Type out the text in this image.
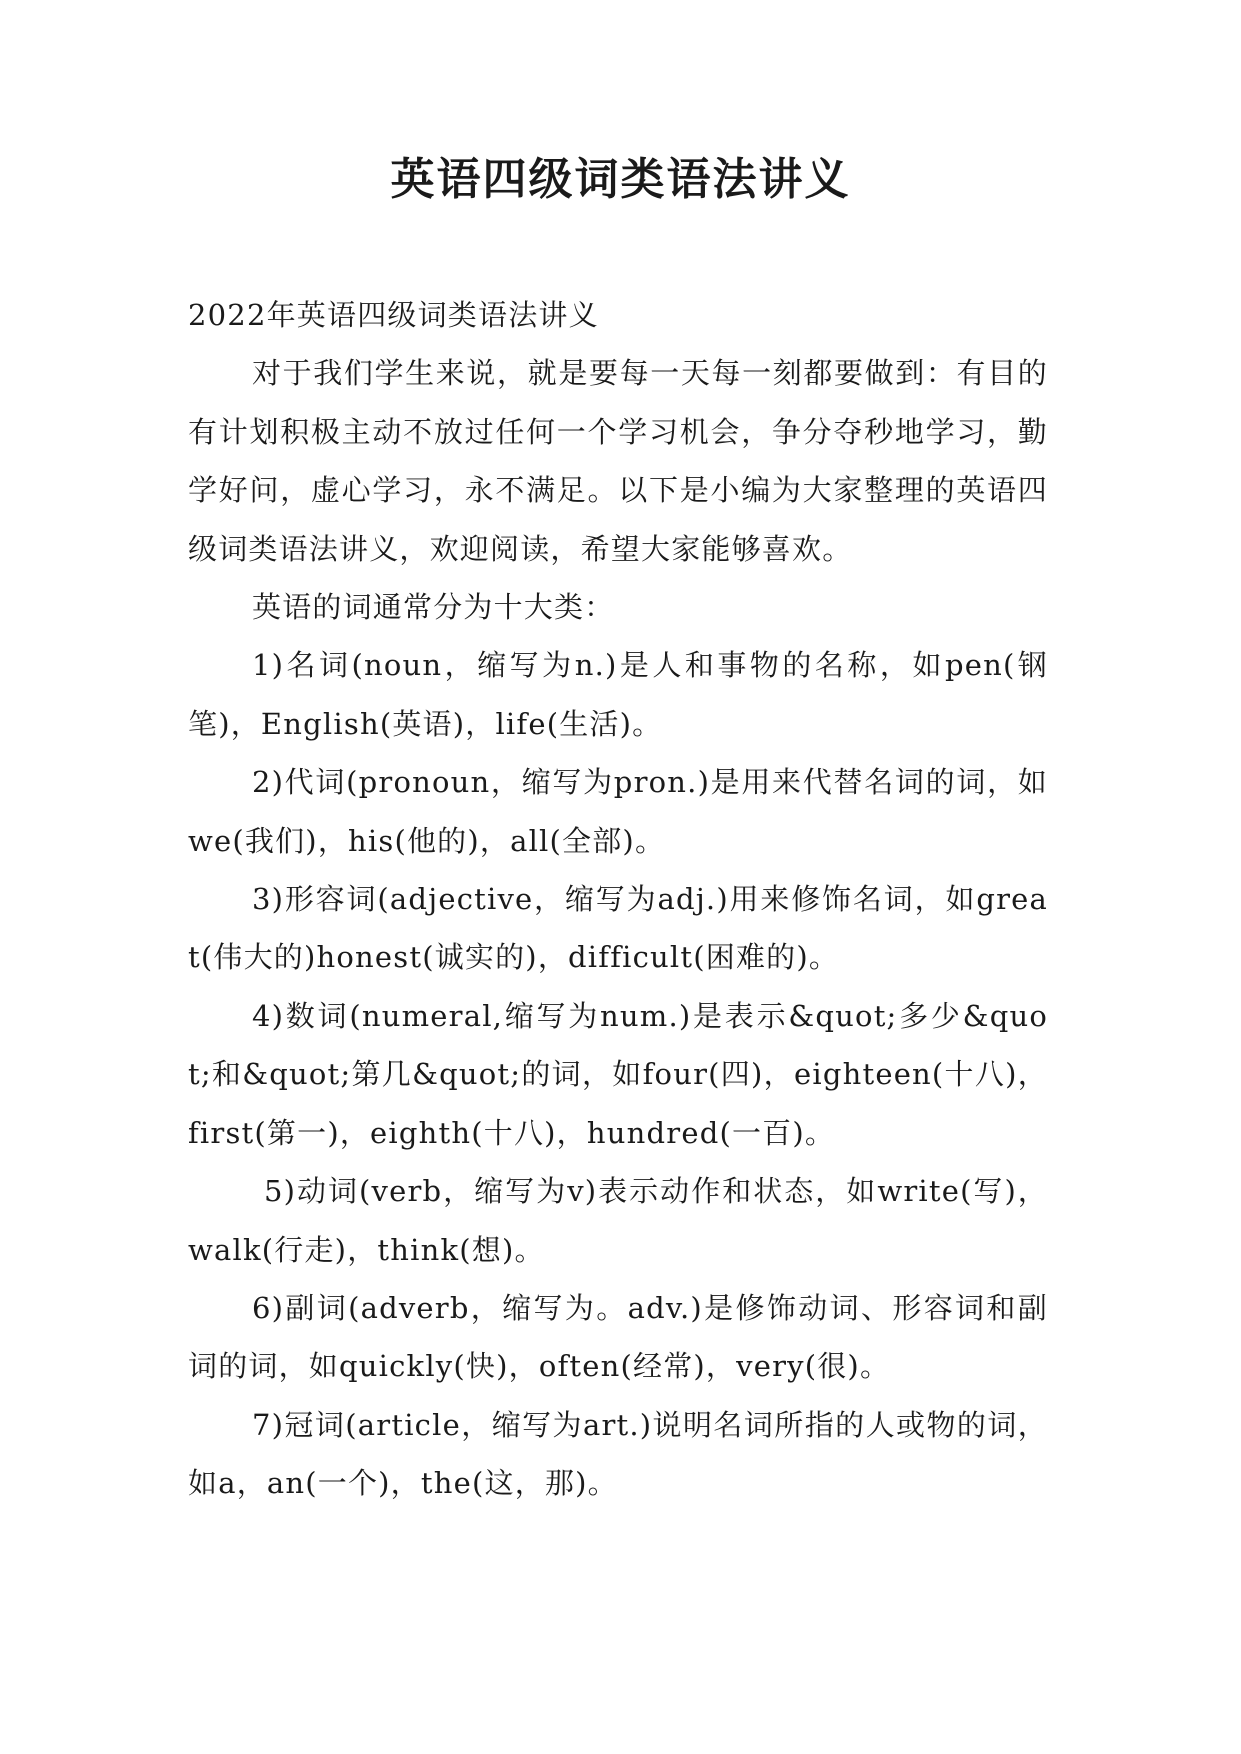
英语四级词类语法讲义

2022年英语四级词类语法讲义

对于我们学生来说，就是要每一天每一刻都要做到：有目的有计划积极主动不放过任何一个学习机会，争分夺秒地学习，勤学好问，虚心学习，永不满足。以下是小编为大家整理的英语四级词类语法讲义，欢迎阅读，希望大家能够喜欢。

英语的词通常分为十大类：

1)名词(noun，缩写为n.)是人和事物的名称，如pen(钢笔)，English(英语)，life(生活)。

2)代词(pronoun，缩写为pron.)是用来代替名词的词，如we(我们)，his(他的)，all(全部)。

3)形容词(adjective，缩写为adj.)用来修饰名词，如great(伟大的)honest(诚实的)，difficult(困难的)。

4)数词(numeral,缩写为num.)是表示&quot;多少&quot;和&quot;第几&quot;的词，如four(四)，eighteen(十八)，first(第一)，eighth(十八)，hundred(一百)。

5)动词(verb，缩写为v)表示动作和状态，如write(写)，walk(行走)，think(想)。

6)副词(adverb，缩写为。adv.)是修饰动词、形容词和副词的词，如quickly(快)，often(经常)，very(很)。

7)冠词(article，缩写为art.)说明名词所指的人或物的词，如a，an(一个)，the(这，那)。
